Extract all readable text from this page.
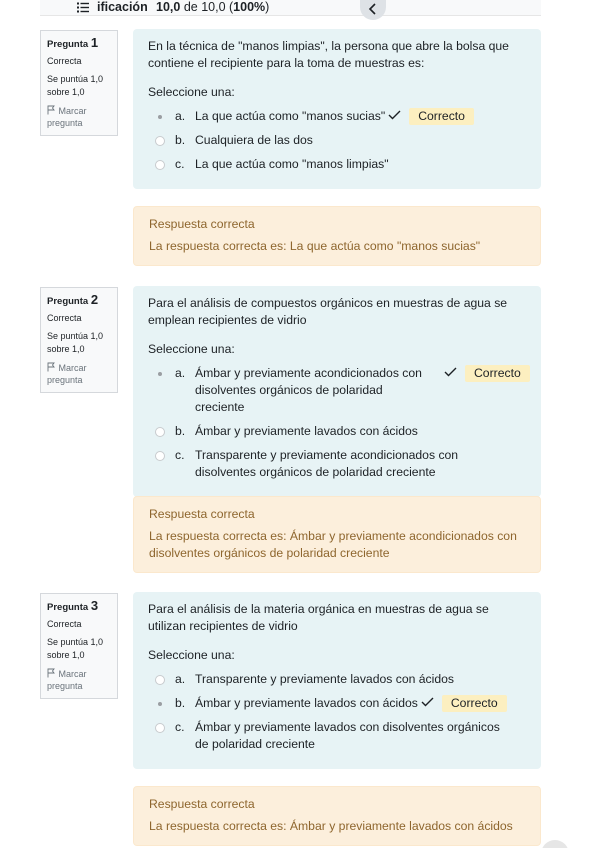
ificación 10,0 de 10,0 (100%)
Pregunta 1
Correcta
Se puntúa 1,0 sobre 1,0
Marcar pregunta
En la técnica de "manos limpias", la persona que abre la bolsa que contiene el recipiente para la toma de muestras es:
Seleccione una:
a. La que actúa como "manos sucias"	Correcto
b. Cualquiera de las dos
c. La que actúa como "manos limpias"
Respuesta correcta
La respuesta correcta es: La que actúa como "manos sucias"
Pregunta 2
Correcta
Se puntúa 1,0 sobre 1,0
Marcar pregunta
Para el análisis de compuestos orgánicos en muestras de agua se emplean recipientes de vidrio
Seleccione una:
a. Ámbar y previamente acondicionados con disolventes orgánicos de polaridad creciente
Correcto
b. Ámbar y previamente lavados con ácidos
c. Transparente y previamente acondicionados con disolventes orgánicos de polaridad creciente
Respuesta correcta
La respuesta correcta es: Ámbar y previamente acondicionados con disolventes orgánicos de polaridad creciente
Pregunta 3
Correcta
Se puntúa 1,0 sobre 1,0
Marcar pregunta
Para el análisis de la materia orgánica en muestras de agua se utilizan recipientes de vidrio
Seleccione una:
a. Transparente y previamente lavados con ácidos
b. Ámbar y previamente lavados con ácidos	Correcto
c. Ámbar y previamente lavados con disolventes orgánicos de polaridad creciente
Respuesta correcta
La respuesta correcta es: Ámbar y previamente lavados con ácidos
